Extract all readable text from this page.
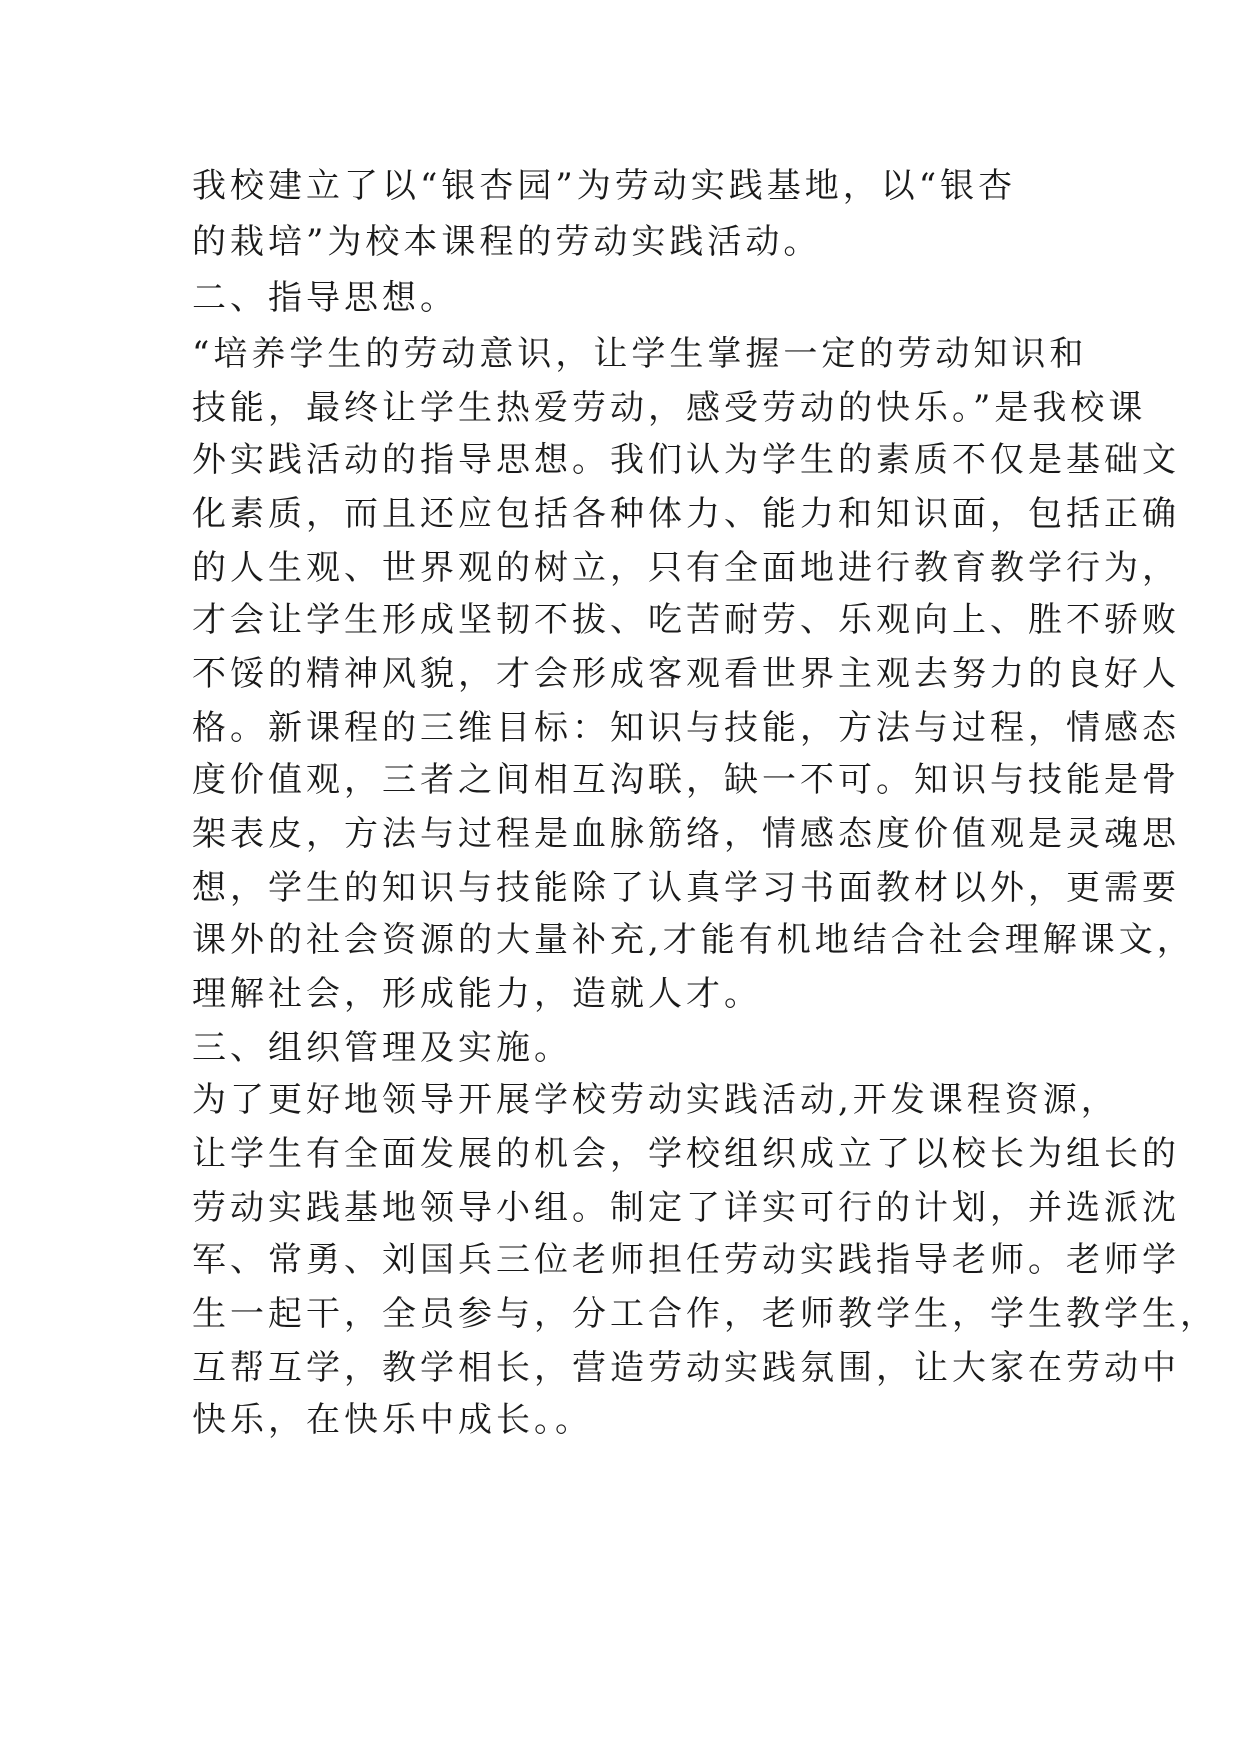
我校建立了以“银杏园”为劳动实践基地，以“银杏
的栽培”为校本课程的劳动实践活动。
二、指导思想。
“培养学生的劳动意识，让学生掌握一定的劳动知识和
技能，最终让学生热爱劳动，感受劳动的快乐。”是我校课
外实践活动的指导思想。我们认为学生的素质不仅是基础文
化素质，而且还应包括各种体力、能力和知识面，包括正确
的人生观、世界观的树立，只有全面地进行教育教学行为，
才会让学生形成坚韧不拔、吃苦耐劳、乐观向上、胜不骄败
不馁的精神风貌，才会形成客观看世界主观去努力的良好人
格。新课程的三维目标：知识与技能，方法与过程，情感态
度价值观，三者之间相互沟联，缺一不可。知识与技能是骨
架表皮，方法与过程是血脉筋络，情感态度价值观是灵魂思
想，学生的知识与技能除了认真学习书面教材以外，更需要
课外的社会资源的大量补充,才能有机地结合社会理解课文，
理解社会，形成能力，造就人才。
三、组织管理及实施。
为了更好地领导开展学校劳动实践活动,开发课程资源，
让学生有全面发展的机会，学校组织成立了以校长为组长的
劳动实践基地领导小组。制定了详实可行的计划，并选派沈
军、常勇、刘国兵三位老师担任劳动实践指导老师。老师学
生一起干，全员参与，分工合作，老师教学生，学生教学生，
互帮互学，教学相长，营造劳动实践氛围，让大家在劳动中
快乐，在快乐中成长。。
